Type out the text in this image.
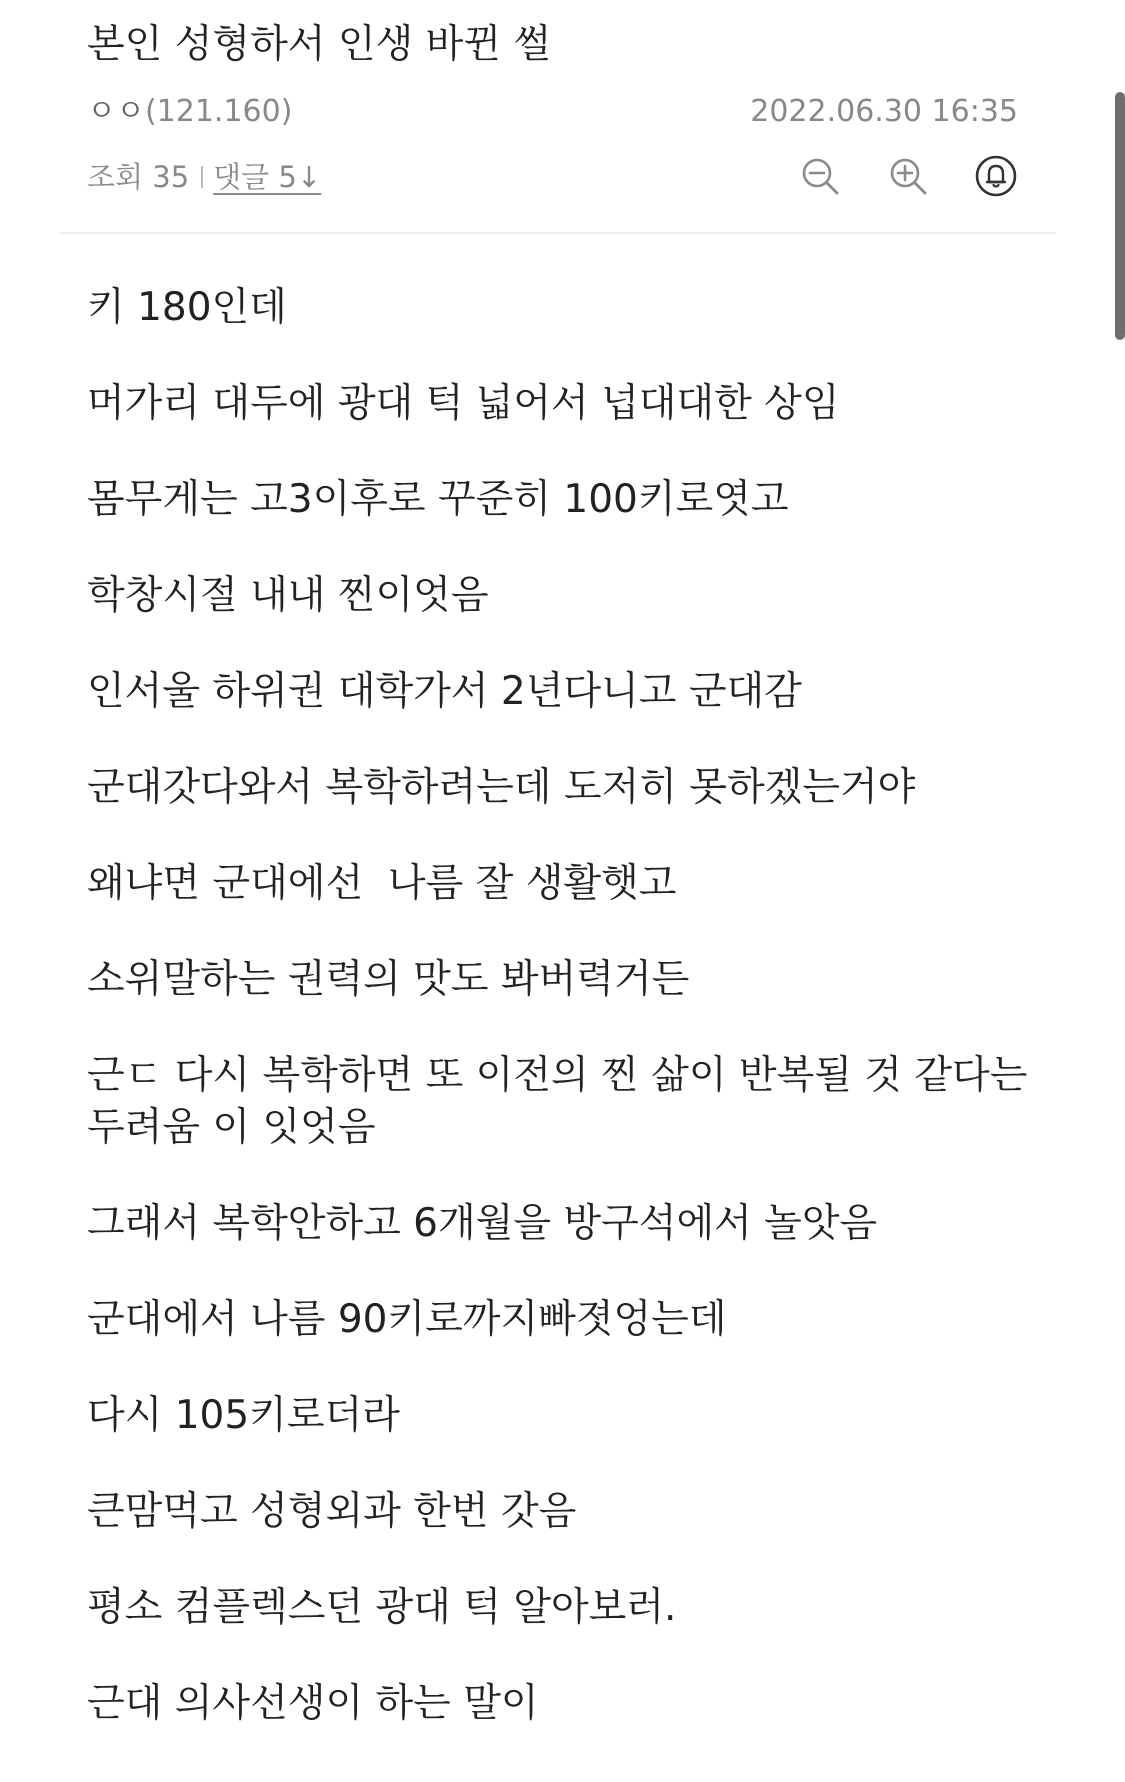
본인 성형하서 인생 바뀐 썰
ㅇㅇ(121.160)	2022.06.30 16:35
조회 35 댓글 5↓

키 180인데

머가리 대두에 광대 턱 넓어서 넙대대한 상임

몸무게는 고3이후로 꾸준히 100키로엿고

학창시절 내내 찐이엇음

인서울 하위권 대학가서 2년다니고 군대감

군대갓다와서 복학하려는데 도저히 못하겠는거야

왜냐면 군대에선  나름 잘 생활햇고

소위말하는 권력의 맛도 봐버력거든

근ㄷ 다시 복학하면 또 이전의 찐 삶이 반복될 것 같다는 두려움 이 잇엇음

그래서 복학안하고 6개월을 방구석에서 놀앗음

군대에서 나름 90키로까지빠졋엉는데

다시 105키로더라

큰맘먹고 성형외과 한번 갓음

평소 컴플렉스던 광대 턱 알아보러.

근대 의사선생이 하는 말이
